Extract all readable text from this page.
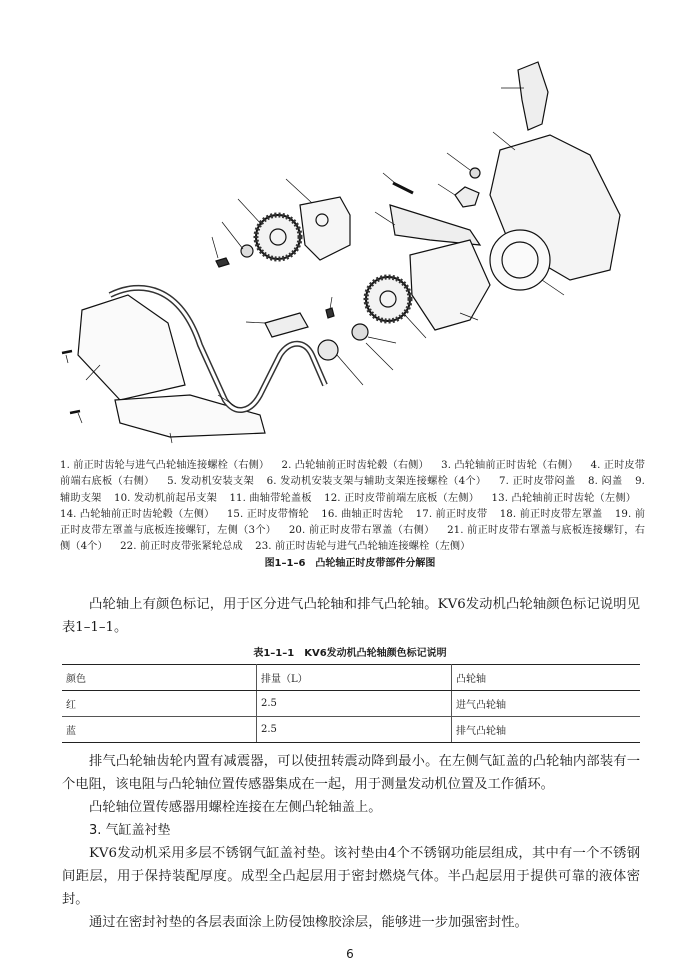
1. 前正时齿轮与进气凸轮轴连接螺栓（右侧） 2. 凸轮轴前正时齿轮毂（右侧） 3. 凸轮轴前正时齿轮（右侧） 4. 正时皮带前端右底板（右侧） 5. 发动机安装支架 6. 发动机安装支架与辅助支架连接螺栓（4个） 7. 正时皮带闷盖 8. 闷盖 9. 辅助支架 10. 发动机前起吊支架 11. 曲轴带轮盖板 12. 正时皮带前端左底板（左侧） 13. 凸轮轴前正时齿轮（左侧） 14. 凸轮轴前正时齿轮毂（左侧） 15. 正时皮带惰轮 16. 曲轴正时齿轮 17. 前正时皮带 18. 前正时皮带左罩盖 19. 前正时皮带左罩盖与底板连接螺钉，左侧（3个） 20. 前正时皮带右罩盖（右侧） 21. 前正时皮带右罩盖与底板连接螺钉，右侧（4个） 22. 前正时皮带张紧轮总成 23. 前正时齿轮与进气凸轮轴连接螺栓（左侧）
图1–1–6　凸轮轴正时皮带部件分解图

凸轮轴上有颜色标记，用于区分进气凸轮轴和排气凸轮轴。KV6发动机凸轮轴颜色标记说明见表1–1–1。

表1–1–1　KV6发动机凸轮轴颜色标记说明
颜色	排量（L）	凸轮轴
红	2.5	进气凸轮轴
蓝	2.5	排气凸轮轴

排气凸轮轴齿轮内置有减震器，可以使扭转震动降到最小。在左侧气缸盖的凸轮轴内部装有一个电阻，该电阻与凸轮轴位置传感器集成在一起，用于测量发动机位置及工作循环。

凸轮轴位置传感器用螺栓连接在左侧凸轮轴盖上。

3. 气缸盖衬垫

KV6发动机采用多层不锈钢气缸盖衬垫。该衬垫由4个不锈钢功能层组成，其中有一个不锈钢间距层，用于保持装配厚度。成型全凸起层用于密封燃烧气体。半凸起层用于提供可靠的液体密封。

通过在密封衬垫的各层表面涂上防侵蚀橡胶涂层，能够进一步加强密封性。

6
